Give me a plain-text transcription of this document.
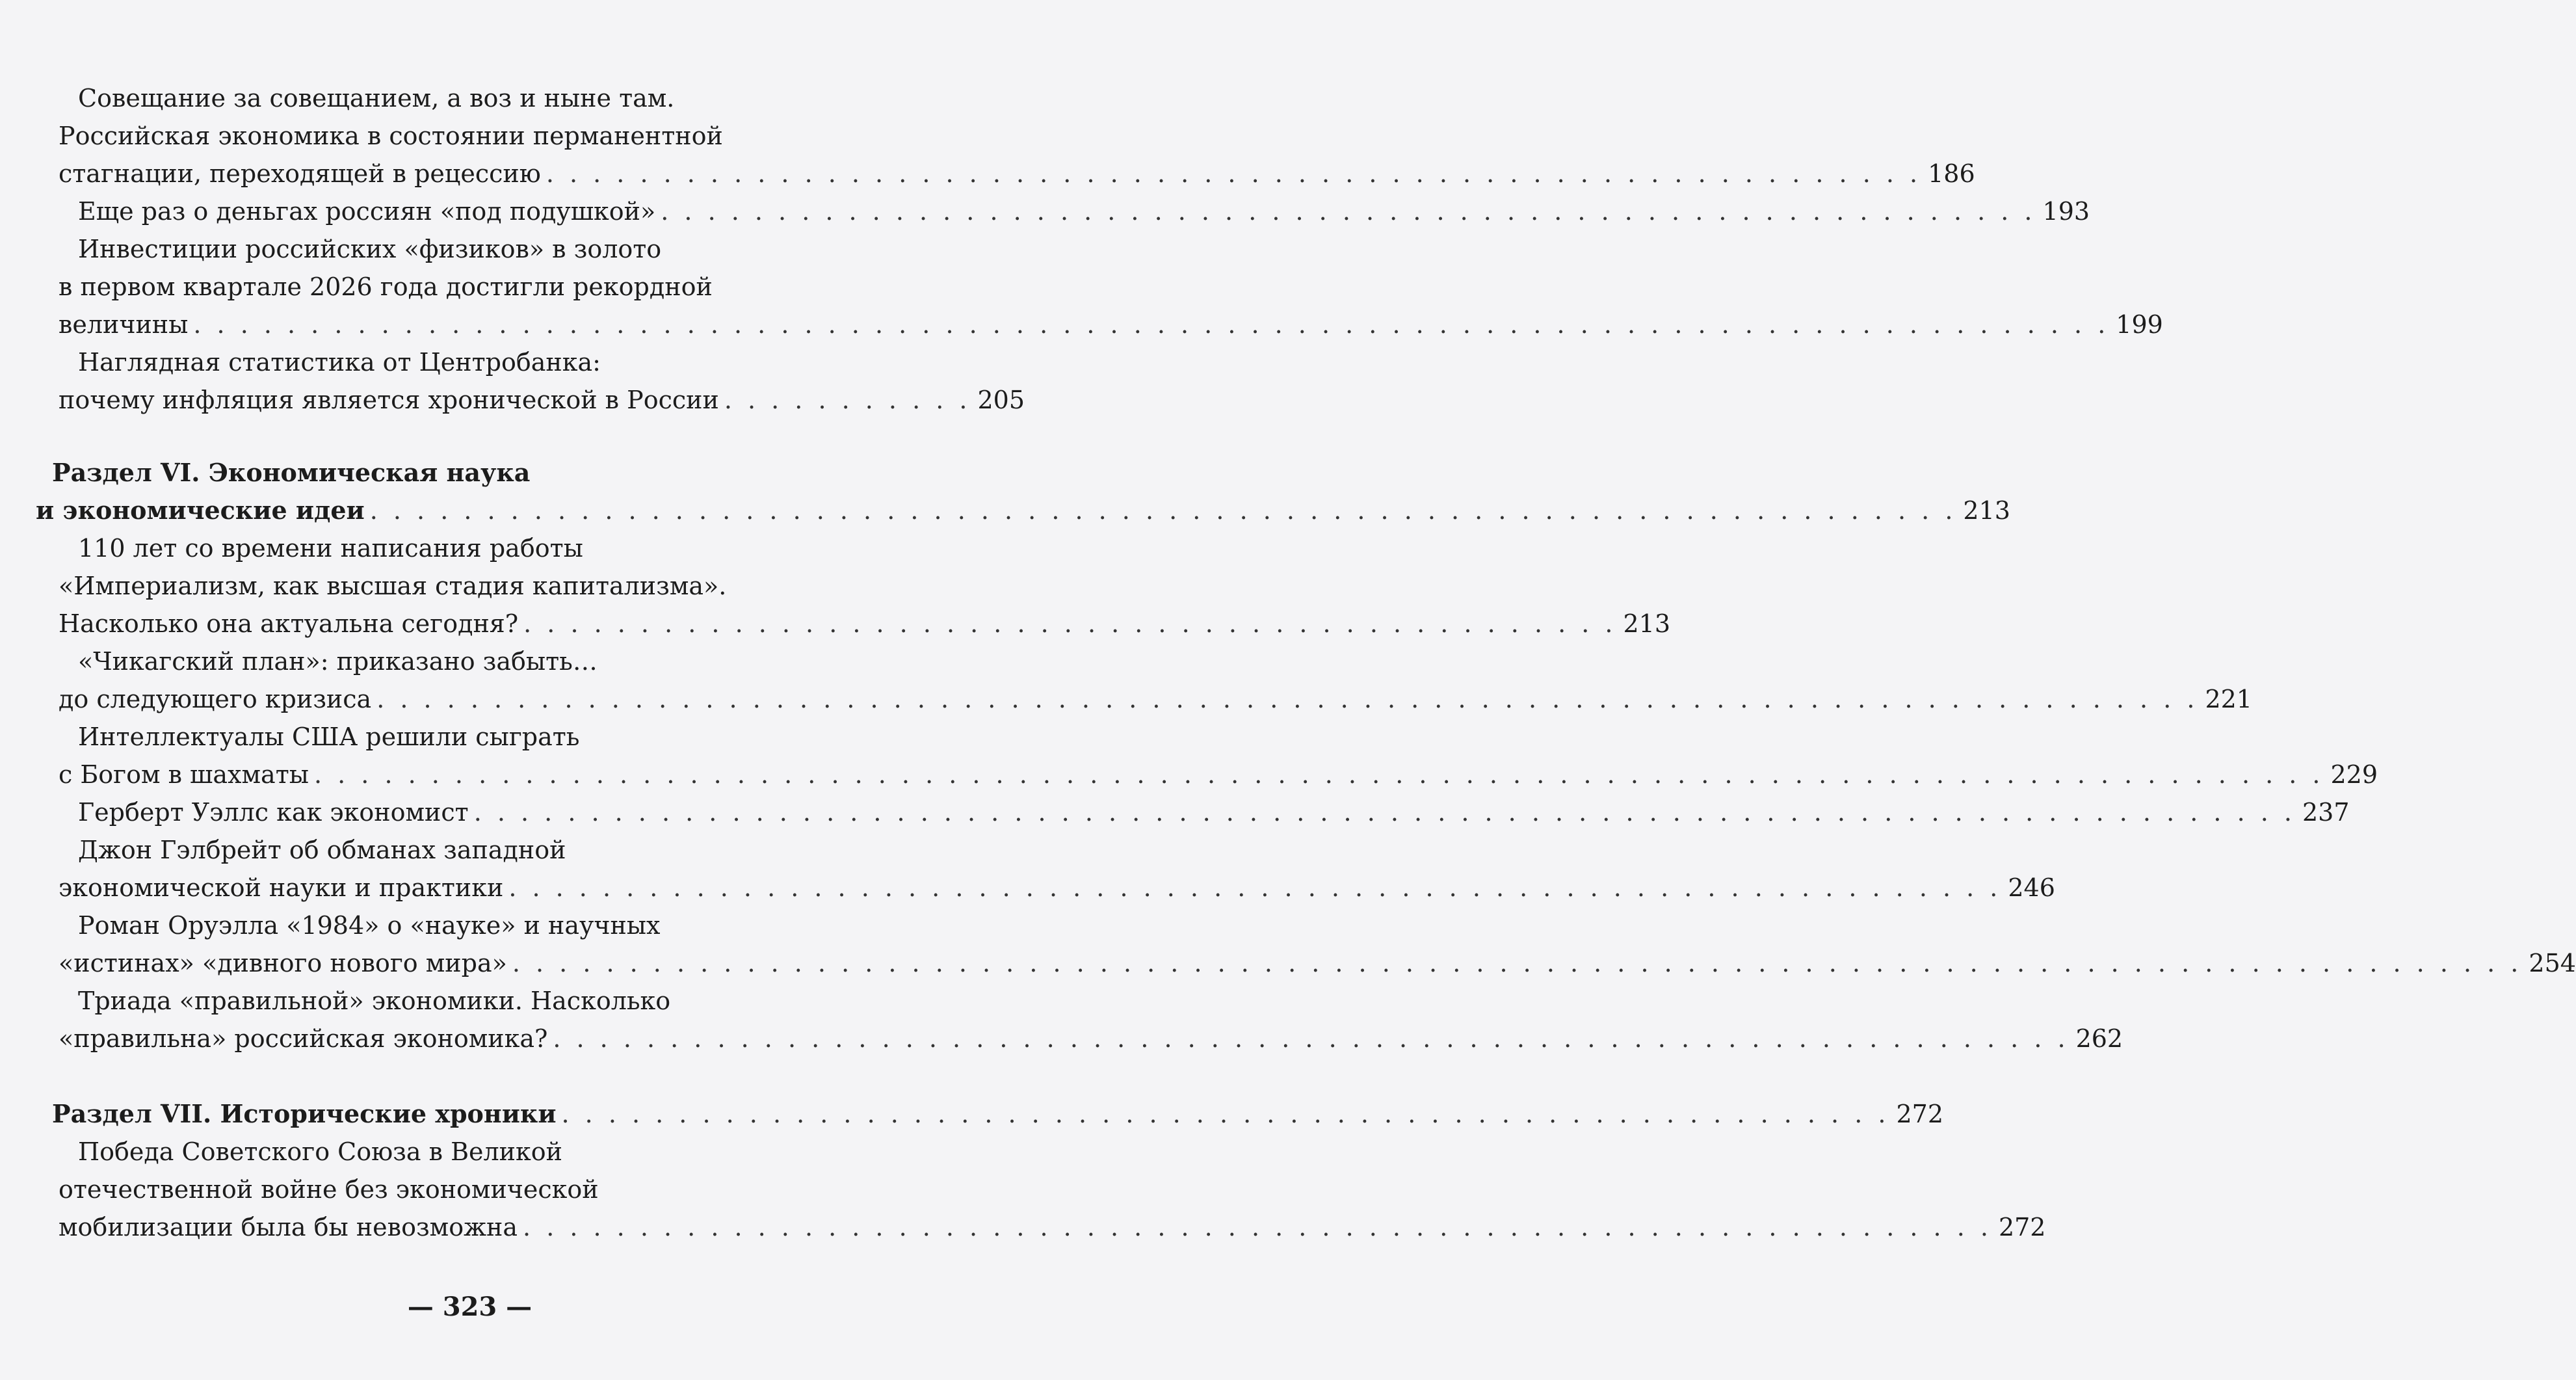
Совещание за совещанием, а воз и ныне там.
Российская экономика в состоянии перманентной
стагнации, переходящей в рецессию . . . . . . . . . . . . . . . . . . . . . . . . . . . . . . . . . . . . . . . . . . . . . . . . . . . . . . . . . . . 186
Еще раз о деньгах россиян «под подушкой» . . . . . . . . . . . . . . . . . . . . . . . . . . . . . . . . . . . . . . . . . . . . . . . . . . . . . . . . . . . 193
Инвестиции российских «физиков» в золото
в первом квартале 2026 года достигли рекордной
величины . . . . . . . . . . . . . . . . . . . . . . . . . . . . . . . . . . . . . . . . . . . . . . . . . . . . . . . . . . . . . . . . . . . . . . . . . . . . . . . . . . 199
Наглядная статистика от Центробанка:
почему инфляция является хронической в России . . . . . . . . . . . 205
Раздел VI. Экономическая наука
и экономические идеи . . . . . . . . . . . . . . . . . . . . . . . . . . . . . . . . . . . . . . . . . . . . . . . . . . . . . . . . . . . . . . . . . . . . 213
110 лет со времени написания работы
«Империализм, как высшая стадия капитализма».
Насколько она актуальна сегодня? . . . . . . . . . . . . . . . . . . . . . . . . . . . . . . . . . . . . . . . . . . . . . . . 213
«Чикагский план»: приказано забыть…
до следующего кризиса . . . . . . . . . . . . . . . . . . . . . . . . . . . . . . . . . . . . . . . . . . . . . . . . . . . . . . . . . . . . . . . . . . . . . . . . . . . . . . 221
Интеллектуалы США решили сыграть
с Богом в шахматы . . . . . . . . . . . . . . . . . . . . . . . . . . . . . . . . . . . . . . . . . . . . . . . . . . . . . . . . . . . . . . . . . . . . . . . . . . . . . . . . . . . . . . 229
Герберт Уэллс как экономист . . . . . . . . . . . . . . . . . . . . . . . . . . . . . . . . . . . . . . . . . . . . . . . . . . . . . . . . . . . . . . . . . . . . . . . . . . . . . . 237
Джон Гэлбрейт об обманах западной
экономической науки и практики . . . . . . . . . . . . . . . . . . . . . . . . . . . . . . . . . . . . . . . . . . . . . . . . . . . . . . . . . . . . . . . . 246
Роман Оруэлла «1984» о «науке» и научных
«истинах» «дивного нового мира» . . . . . . . . . . . . . . . . . . . . . . . . . . . . . . . . . . . . . . . . . . . . . . . . . . . . . . . . . . . . . . . . . . . . . . . . . . . . . . . . . . . . . . 254
Триада «правильной» экономики. Насколько
«правильна» российская экономика? . . . . . . . . . . . . . . . . . . . . . . . . . . . . . . . . . . . . . . . . . . . . . . . . . . . . . . . . . . . . . . . . . 262
Раздел VII. Исторические хроники . . . . . . . . . . . . . . . . . . . . . . . . . . . . . . . . . . . . . . . . . . . . . . . . . . . . . . . . . 272
Победа Советского Союза в Великой
отечественной войне без экономической
мобилизации была бы невозможна . . . . . . . . . . . . . . . . . . . . . . . . . . . . . . . . . . . . . . . . . . . . . . . . . . . . . . . . . . . . . . . 272
— 323 —
